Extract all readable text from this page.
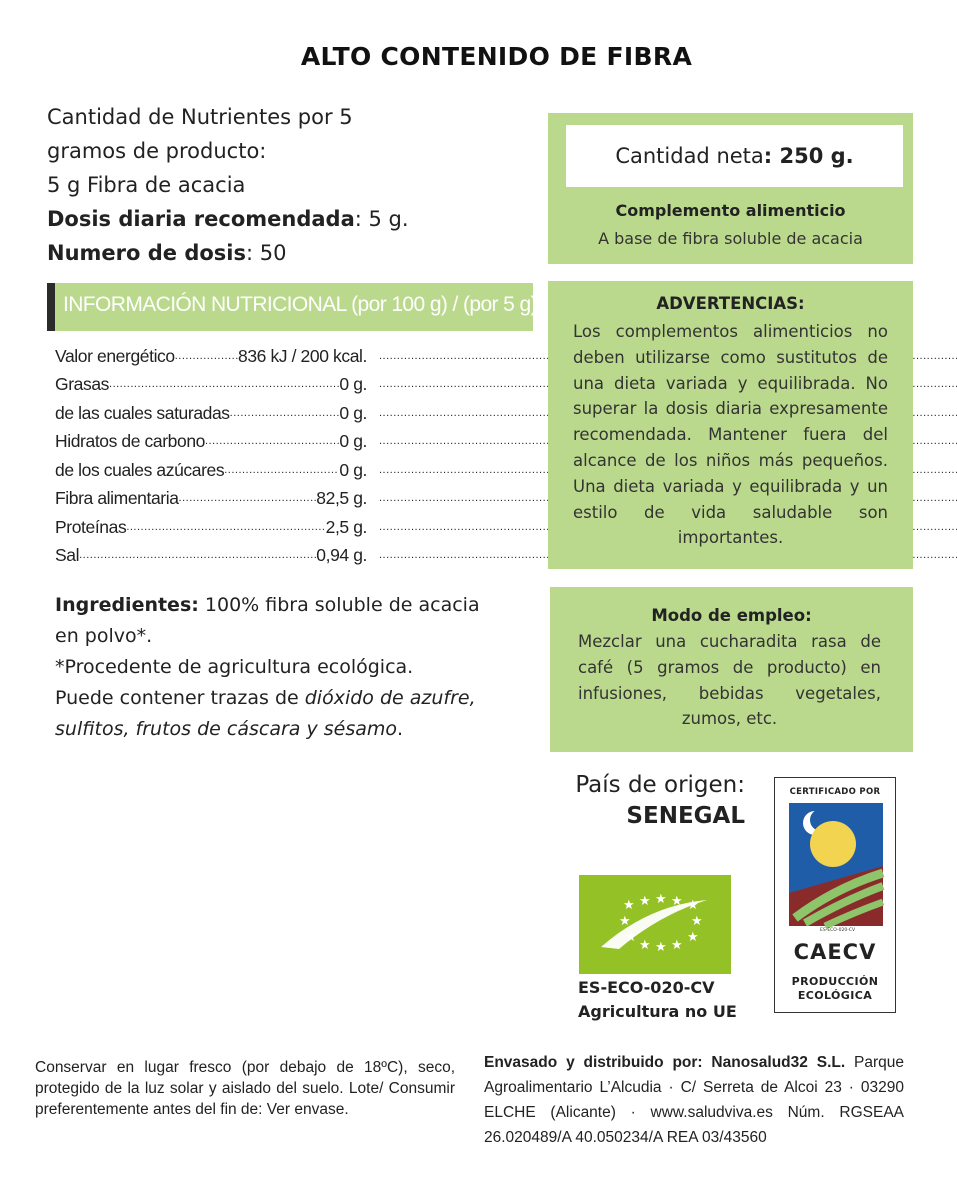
ALTO CONTENIDO DE FIBRA
Cantidad de Nutrientes por 5
gramos de producto:
5 g Fibra de acacia
Dosis diaria recomendada: 5 g.
Numero de dosis: 50
INFORMACIÓN NUTRICIONAL (por 100 g) / (por 5 g)
Valor energético .....	836 kJ / 200 kcal.
.....
Grasas .....	0 g.
.....
de las cuales saturadas .....	0 g.
.....
Hidratos de carbono .....	0 g.
.....
de los cuales azúcares .....	0 g.
.....
Fibra alimentaria .....	82,5 g.
.....
Proteínas .....	2,5 g.
.....
Sal .....	0,94 g.
.....
Ingredientes: 100% fibra soluble de acacia en polvo*.
*Procedente de agricultura ecológica.
Puede contener trazas de dióxido de azufre, sulfitos, frutos de cáscara y sésamo.
Cantidad neta: 250 g.
Complemento alimenticio
A base de fibra soluble de acacia
ADVERTENCIAS:
Los complementos alimenticios no deben utilizarse como sustitutos de una dieta variada y equilibrada. No superar la dosis diaria expresamente recomendada. Mantener fuera del alcance de los niños más pequeños. Una dieta variada y equilibrada y un estilo de vida saludable son importantes.
Modo de empleo:
Mezclar una cucharadita rasa de café (5 gramos de producto) en infusiones, bebidas vegetales, zumos, etc.
País de origen:
SENEGAL
★ ★ ★ ★ ★
★	★
★	★
★ ★ ★
ES-ECO-020-CV
Agricultura no UE
CERTIFICADO POR
ES-ECO-020-CV
CAECV
PRODUCCIÓN
ECOLÓGICA
Conservar en lugar fresco (por debajo de 18ºC), seco, protegido de la luz solar y aislado del suelo. Lote/ Consumir preferentemente antes del fin de: Ver envase.
Envasado y distribuido por: Nanosalud32 S.L. Parque Agroalimentario L’Alcudia · C/ Serreta de Alcoi 23 · 03290 ELCHE (Alicante) · www.saludviva.es Núm. RGSEAA 26.020489/A 40.050234/A REA 03/43560
